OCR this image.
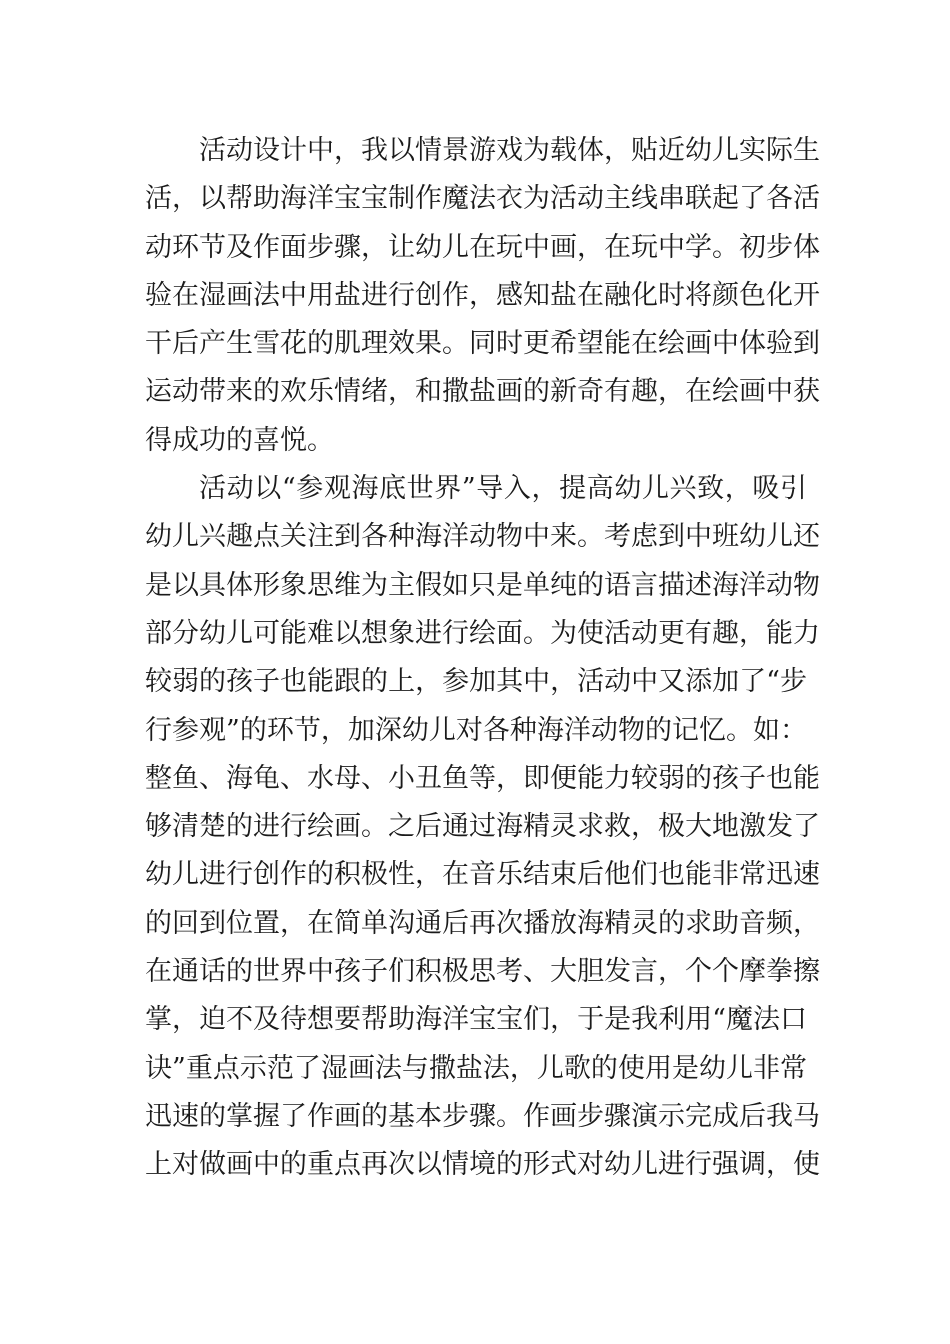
活动设计中，我以情景游戏为载体，贴近幼儿实际生
活，以帮助海洋宝宝制作魔法衣为活动主线串联起了各活
动环节及作面步骤，让幼儿在玩中画，在玩中学。初步体
验在湿画法中用盐进行创作，感知盐在融化时将颜色化开
干后产生雪花的肌理效果。同时更希望能在绘画中体验到
运动带来的欢乐情绪，和撒盐画的新奇有趣，在绘画中获
得成功的喜悦。
活动以“参观海底世界”导入，提高幼儿兴致，吸引
幼儿兴趣点关注到各种海洋动物中来。考虑到中班幼儿还
是以具体形象思维为主假如只是单纯的语言描述海洋动物
部分幼儿可能难以想象进行绘面。为使活动更有趣，能力
较弱的孩子也能跟的上，参加其中，活动中又添加了“步
行参观”的环节，加深幼儿对各种海洋动物的记忆。如：
整鱼、海龟、水母、小丑鱼等，即便能力较弱的孩子也能
够清楚的进行绘画。之后通过海精灵求救，极大地激发了
幼儿进行创作的积极性，在音乐结束后他们也能非常迅速
的回到位置，在简单沟通后再次播放海精灵的求助音频，
在通话的世界中孩子们积极思考、大胆发言，个个摩拳擦
掌，迫不及待想要帮助海洋宝宝们，于是我利用“魔法口
诀”重点示范了湿画法与撒盐法，儿歌的使用是幼儿非常
迅速的掌握了作画的基本步骤。作画步骤演示完成后我马
上对做画中的重点再次以情境的形式对幼儿进行强调，使
